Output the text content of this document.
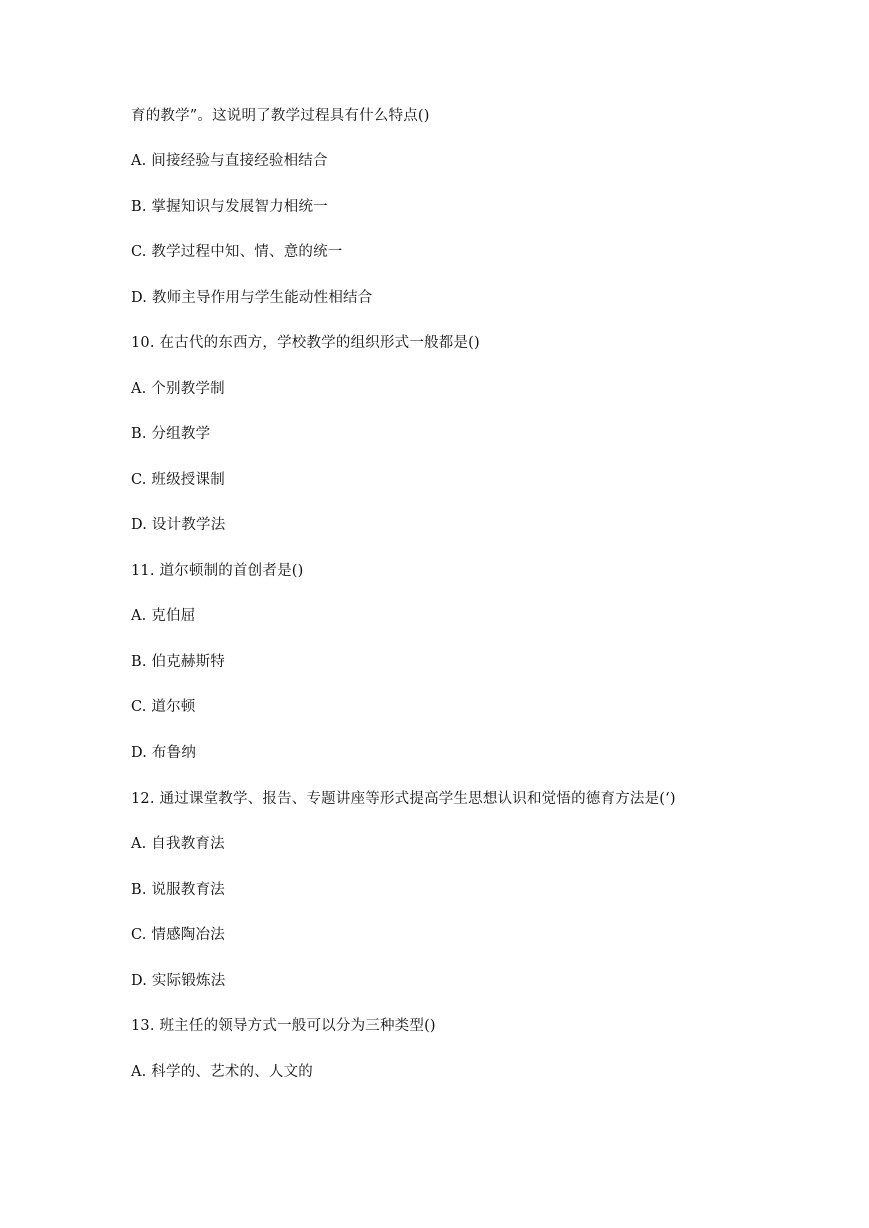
育的教学”。这说明了教学过程具有什么特点()
A. 间接经验与直接经验相结合
B. 掌握知识与发展智力相统一
C. 教学过程中知、情、意的统一
D. 教师主导作用与学生能动性相结合
10. 在古代的东西方，学校教学的组织形式一般都是()
A. 个别教学制
B. 分组教学
C. 班级授课制
D. 设计教学法
11. 道尔顿制的首创者是()
A. 克伯屈
B. 伯克赫斯特
C. 道尔顿
D. 布鲁纳
12. 通过课堂教学、报告、专题讲座等形式提高学生思想认识和觉悟的德育方法是(‘)
A. 自我教育法
B. 说服教育法
C. 情感陶冶法
D. 实际锻炼法
13. 班主任的领导方式一般可以分为三种类型()
A. 科学的、艺术的、人文的
